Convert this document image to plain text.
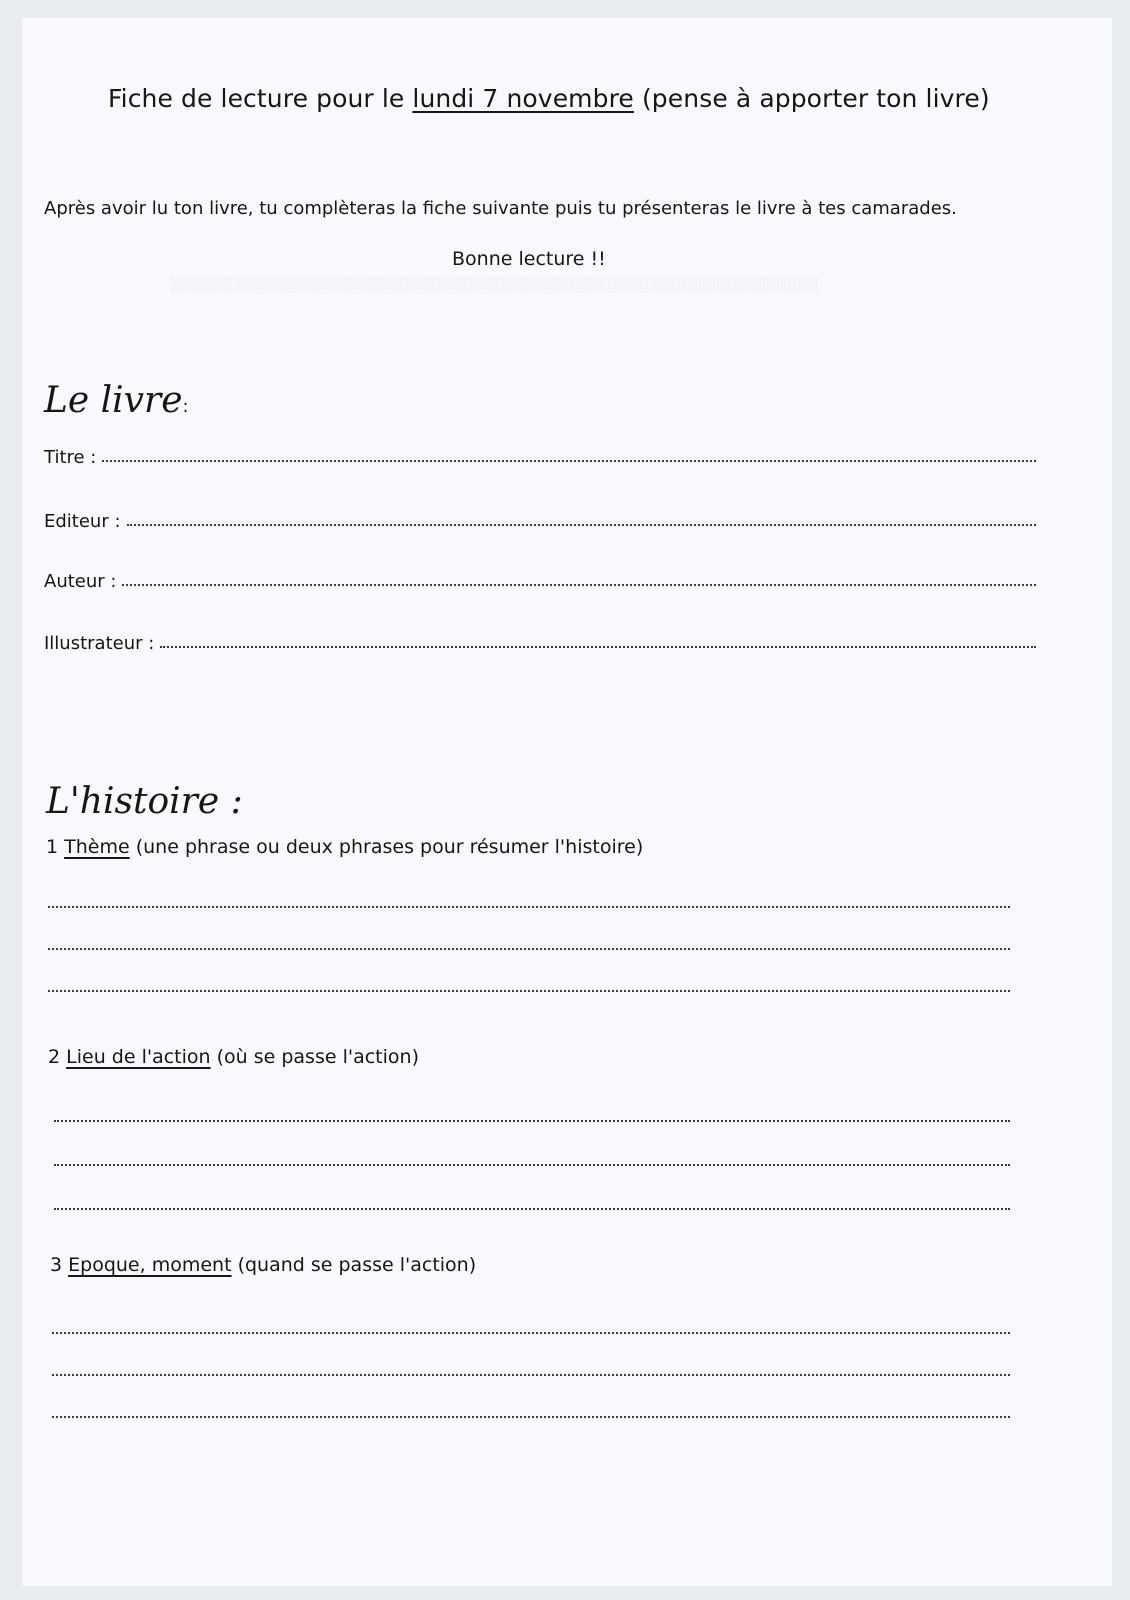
░░░░░░░░░░░░░░░░░░░░░░░░░░░░░░░░░░░░░░░░░░░░░░░░░░░░░░░░░░░░░
Fiche de lecture pour le lundi 7 novembre (pense à apporter ton livre)
Après avoir lu ton livre, tu complèteras la fiche suivante puis tu présenteras le livre à tes camarades.
Bonne lecture !!
Le livre:
Titre :
Editeur :
Auteur :
Illustrateur :
L'histoire :
1 Thème (une phrase ou deux phrases pour résumer l'histoire)
2 Lieu de l'action (où se passe l'action)
3 Epoque, moment (quand se passe l'action)
